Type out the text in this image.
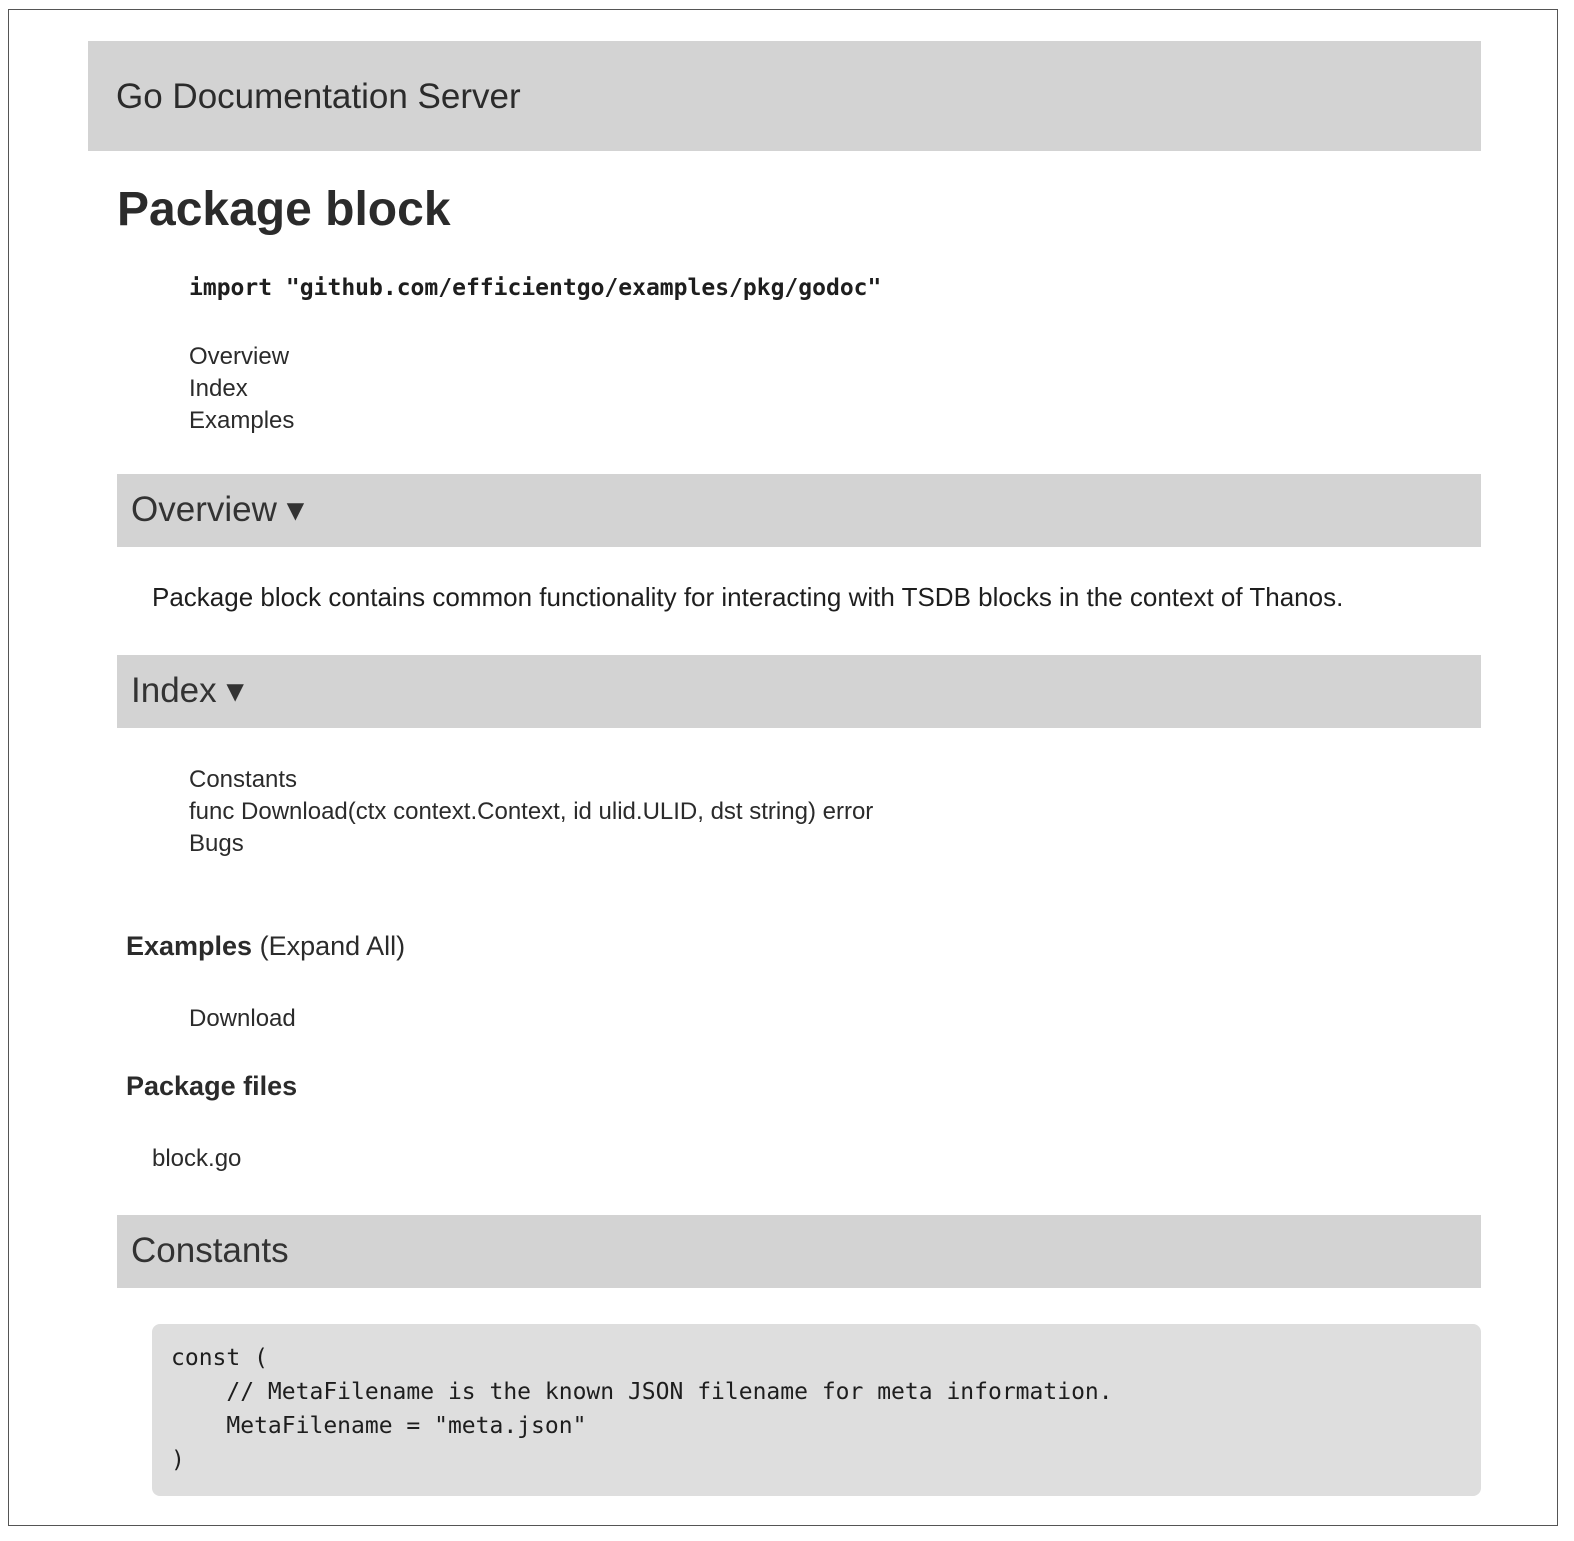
Go Documentation Server
Package block
import "github.com/efficientgo/examples/pkg/godoc"
Overview
Index
Examples
Overview ▾
Package block contains common functionality for interacting with TSDB blocks in the context of Thanos.
Index ▾
Constants
func Download(ctx context.Context, id ulid.ULID, dst string) error
Bugs
Examples (Expand All)
Download
Package files
block.go
Constants
const (
// MetaFilename is the known JSON filename for meta information.
MetaFilename = "meta.json"
)
